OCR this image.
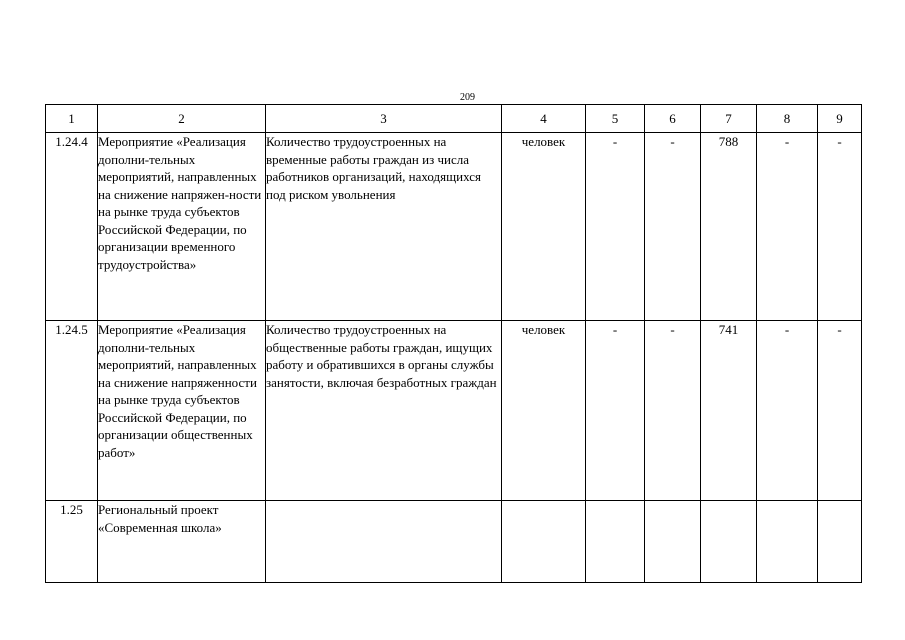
209
1	2	3	4	5	6	7	8	9
1.24.4	Мероприятие «Реализация дополни-тельных мероприятий, направленных на снижение напряжен-ности на рынке труда субъектов Российской Федерации, по организации временного трудоустройства»	Количество трудоустроенных на временные работы граждан из числа работников организаций, находящихся под риском увольнения	человек	-	-	788	-	-
1.24.5	Мероприятие «Реализация дополни-тельных мероприятий, направленных на снижение напряженности на рынке труда субъектов Российской Федерации, по организации общественных работ»	Количество трудоустроенных на общественные работы граждан, ищущих работу и обратившихся в органы службы занятости, включая безработных граждан	человек	-	-	741	-	-
1.25	Региональный проект «Современная школа»							
